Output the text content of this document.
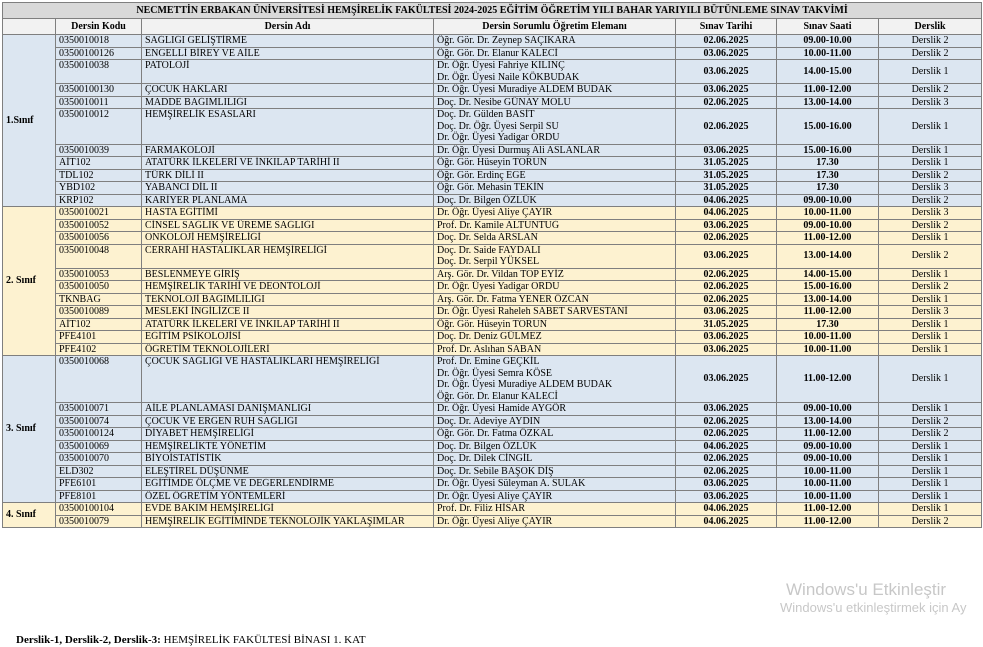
NECMETTİN ERBAKAN ÜNİVERSİTESİ HEMŞİRELİK FAKÜLTESİ 2024-2025 EĞİTİM ÖĞRETİM YILI BAHAR YARIYILI BÜTÜNLEME SINAV TAKVİMİ						
	Dersin Kodu	Dersin Adı	Dersin Sorumlu Öğretim Elemanı	Sınav Tarihi	Sınav Saati	Derslik
1.Sınıf	0350010018	SAĞLIĞI GELİŞTİRME	Öğr. Gör. Dr. Zeynep SAÇIKARA	02.06.2025	09.00-10.00	Derslik 2
	03500100126	ENGELLİ BİREY VE AİLE	Öğr. Gör. Dr. Elanur KALECİ	03.06.2025	10.00-11.00	Derslik 2
	0350010038	PATOLOJİ	Dr. Öğr. Üyesi Fahriye KILINÇ
Dr. Öğr. Üyesi Naile KÖKBUDAK	03.06.2025	14.00-15.00	Derslik 1
	03500100130	ÇOCUK HAKLARI	Dr. Öğr. Üyesi Muradiye ALDEM BUDAK	03.06.2025	11.00-12.00	Derslik 2
	0350010011	MADDE BAĞIMLILIĞI	Doç. Dr. Nesibe GÜNAY MOLU	02.06.2025	13.00-14.00	Derslik 3
	0350010012	HEMŞİRELİK ESASLARI	Doç. Dr. Gülden BASİT
Doç. Dr. Öğr. Üyesi Serpil SU
Dr. Öğr. Üyesi Yadigar ORDU	02.06.2025	15.00-16.00	Derslik 1
	0350010039	FARMAKOLOJİ	Dr. Öğr. Üyesi Durmuş Ali ASLANLAR	03.06.2025	15.00-16.00	Derslik 1
	AİT102	ATATÜRK İLKELERİ VE İNKILAP TARİHİ II	Öğr. Gör. Hüseyin TORUN	31.05.2025	17.30	Derslik 1
	TDL102	TÜRK DİLİ II	Öğr. Gör. Erdinç EGE	31.05.2025	17.30	Derslik 2
	YBD102	YABANCI DİL II	Öğr. Gör. Mehasin TEKİN	31.05.2025	17.30	Derslik 3
	KRP102	KARİYER PLANLAMA	Doç. Dr. Bilgen ÖZLÜK	04.06.2025	09.00-10.00	Derslik 2
2. Sınıf	0350010021	HASTA EĞİTİMİ	Dr. Öğr. Üyesi Aliye ÇAYIR	04.06.2025	10.00-11.00	Derslik 3
	0350010052	CİNSEL SAĞLIK VE ÜREME SAĞLIĞI	Prof. Dr. Kamile ALTUNTUĞ	03.06.2025	09.00-10.00	Derslik 2
	0350010056	ONKOLOJİ HEMŞİRELİĞİ	Doç. Dr. Selda ARSLAN	02.06.2025	11.00-12.00	Derslik 1
	0350010048	CERRAHİ HASTALIKLAR HEMŞİRELİĞİ	Doç. Dr. Saide FAYDALI
Doç. Dr. Serpil YÜKSEL	03.06.2025	13.00-14.00	Derslik 2
	0350010053	BESLENMEYE GİRİŞ	Arş. Gör. Dr. Vildan TOP EYİZ	02.06.2025	14.00-15.00	Derslik 1
	0350010050	HEMŞİRELİK TARİHİ VE DEONTOLOJİ	Dr. Öğr. Üyesi Yadigar ORDU	02.06.2025	15.00-16.00	Derslik 2
	TKNBAG	TEKNOLOJİ BAĞIMLILIĞI	Arş. Gör. Dr. Fatma YENER ÖZCAN	02.06.2025	13.00-14.00	Derslik 1
	0350010089	MESLEKİ İNGİLİZCE II	Dr. Öğr. Üyesi Raheleh SABET SARVESTANİ	03.06.2025	11.00-12.00	Derslik 3
	AİT102	ATATÜRK İLKELERİ VE İNKILAP TARİHİ II	Öğr. Gör. Hüseyin TORUN	31.05.2025	17.30	Derslik 1
	PFE4101	EĞİTİM PSİKOLOJİSİ	Doç. Dr. Deniz GÜLMEZ	03.06.2025	10.00-11.00	Derslik 1
	PFE4102	ÖĞRETİM TEKNOLOJİLERİ	Prof. Dr. Aslıhan SABAN	03.06.2025	10.00-11.00	Derslik 1
3. Sınıf	0350010068	ÇOCUK SAĞLIĞI VE HASTALIKLARI HEMŞİRELİĞİ	Prof. Dr. Emine GEÇKİL
Dr. Öğr. Üyesi Semra KÖSE
Dr. Öğr. Üyesi Muradiye ALDEM BUDAK
Öğr. Gör. Dr. Elanur KALECİ	03.06.2025	11.00-12.00	Derslik 1
	0350010071	AİLE PLANLAMASI DANIŞMANLIĞI	Dr. Öğr. Üyesi Hamide AYGÖR	03.06.2025	09.00-10.00	Derslik 1
	0350010074	ÇOCUK VE ERGEN RUH SAĞLIĞI	Doç. Dr. Adeviye AYDIN	02.06.2025	13.00-14.00	Derslik 2
	03500100124	DİYABET HEMŞİRELİĞİ	Öğr. Gör. Dr. Fatma ÖZKAL	02.06.2025	11.00-12.00	Derslik 2
	0350010069	HEMŞİRELİKTE YÖNETİM	Doç. Dr. Bilgen ÖZLÜK	04.06.2025	09.00-10.00	Derslik 1
	0350010070	BİYOİSTATİSTİK	Doç. Dr. Dilek CİNGİL	02.06.2025	09.00-10.00	Derslik 1
	ELD302	ELEŞTİREL DÜŞÜNME	Doç. Dr. Sebile BAŞOK DİŞ	02.06.2025	10.00-11.00	Derslik 1
	PFE6101	EĞİTİMDE ÖLÇME VE DEĞERLENDİRME	Dr. Öğr. Üyesi Süleyman A. SULAK	03.06.2025	10.00-11.00	Derslik 1
	PFE8101	ÖZEL ÖĞRETİM YÖNTEMLERİ	Dr. Öğr. Üyesi Aliye ÇAYIR	03.06.2025	10.00-11.00	Derslik 1
4. Sınıf	03500100104	EVDE BAKIM HEMŞİRELİĞİ	Prof. Dr. Filiz HİSAR	04.06.2025	11.00-12.00	Derslik 1
	0350010079	HEMŞİRELİK EĞİTİMİNDE TEKNOLOJİK YAKLAŞIMLAR	Dr. Öğr. Üyesi Aliye ÇAYIR	04.06.2025	11.00-12.00	Derslik 2
Derslik-1, Derslik-2, Derslik-3: HEMŞİRELİK FAKÜLTESİ BİNASI 1. KAT
Windows'u Etkinleştir
Windows'u etkinleştirmek için Ay
